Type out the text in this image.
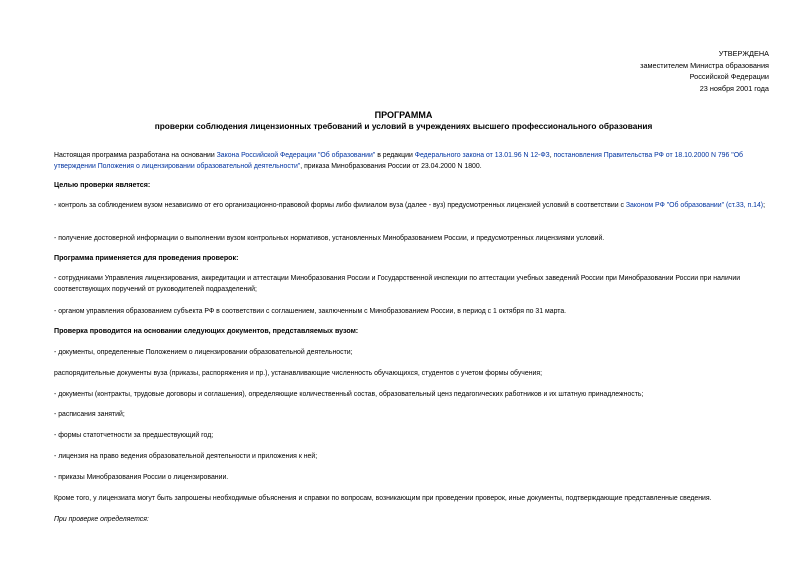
УТВЕРЖДЕНА
заместителем Министра образования
Российской Федерации
23 ноября 2001 года
ПРОГРАММА
проверки соблюдения лицензионных требований и условий в учреждениях высшего профессионального образования
Настоящая программа разработана на основании Закона Российской Федерации "Об образовании" в редакции Федерального закона от 13.01.96 N 12-ФЗ, постановления Правительства РФ от 18.10.2000 N 796 "Об утверждении Положения о лицензировании образовательной деятельности", приказа Минобразования России от 23.04.2000 N 1800.
Целью проверки является:
- контроль за соблюдением вузом независимо от его организационно-правовой формы либо филиалом вуза (далее - вуз) предусмотренных лицензией условий в соответствии с Законом РФ "Об образовании" (ст.33, п.14);
- получение достоверной информации о выполнении вузом контрольных нормативов, установленных Минобразованием России, и предусмотренных лицензиями условий.
Программа применяется для проведения проверок:
- сотрудниками Управления лицензирования, аккредитации и аттестации Минобразования России и Государственной инспекции по аттестации учебных заведений России при Минобразовании России при наличии соответствующих поручений от руководителей подразделений;
- органом управления образованием субъекта РФ в соответствии с соглашением, заключенным с Минобразованием России, в период с 1 октября по 31 марта.
Проверка проводится на основании следующих документов, представляемых вузом:
- документы, определенные Положением о лицензировании образовательной деятельности;
распорядительные документы вуза (приказы, распоряжения и пр.), устанавливающие численность обучающихся, студентов с учетом формы обучения;
- документы (контракты, трудовые договоры и соглашения), определяющие количественный состав, образовательный ценз педагогических работников и их штатную принадлежность;
- расписания занятий;
- формы статотчетности за предшествующий год;
- лицензия на право ведения образовательной деятельности и приложения к ней;
- приказы Минобразования России о лицензировании.
Кроме того, у лицензиата могут быть запрошены необходимые объяснения и справки по вопросам, возникающим при проведении проверок, иные документы, подтверждающие представленные сведения.
При проверке определяется:
